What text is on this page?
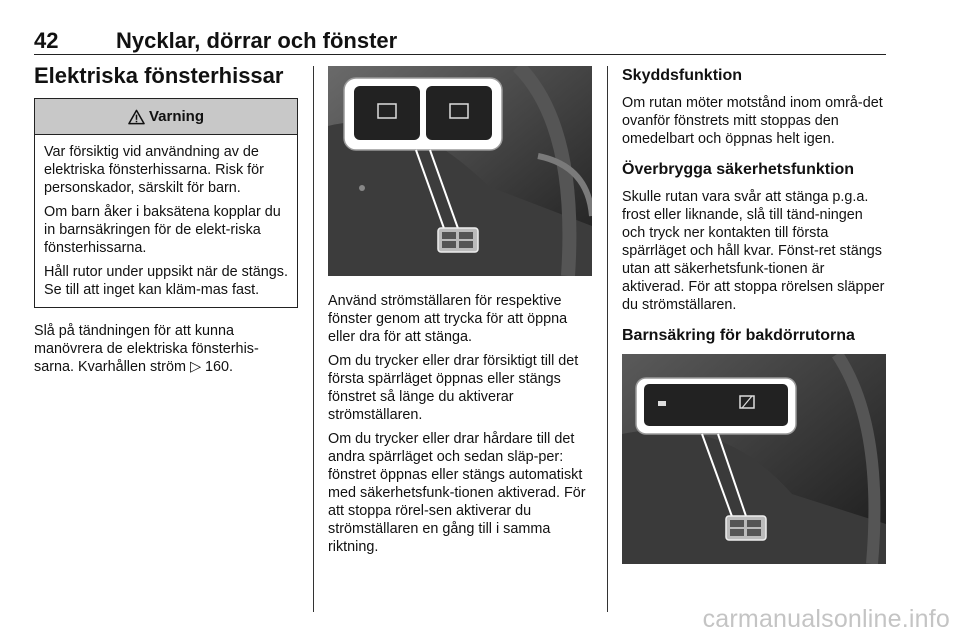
42	Nycklar, dörrar och fönster
Elektriska fönsterhissar
Varning

Var försiktig vid användning av de elektriska fönsterhissarna. Risk för personskador, särskilt för barn.

Om barn åker i baksätena kopplar du in barnsäkringen för de elekt-riska fönsterhissarna.

Håll rutor under uppsikt när de stängs. Se till att inget kan kläm-mas fast.

Slå på tändningen för att kunna manövrera de elektriska fönsterhis-sarna. Kvarhållen ström ▷ 160.

Använd strömställaren för respektive fönster genom att trycka för att öppna eller dra för att stänga.

Om du trycker eller drar försiktigt till det första spärrläget öppnas eller stängs fönstret så länge du aktiverar strömställaren.

Om du trycker eller drar hårdare till det andra spärrläget och sedan släp-per: fönstret öppnas eller stängs automatiskt med säkerhetsfunk-tionen aktiverad. För att stoppa rörel-sen aktiverar du strömställaren en gång till i samma riktning.

Skyddsfunktion

Om rutan möter motstånd inom områ-det ovanför fönstrets mitt stoppas den omedelbart och öppnas helt igen.

Överbrygga säkerhetsfunktion

Skulle rutan vara svår att stänga p.g.a. frost eller liknande, slå till tänd-ningen och tryck ner kontakten till första spärrläget och håll kvar. Fönst-ret stängs utan att säkerhetsfunk-tionen är aktiverad. För att stoppa rörelsen släpper du strömställaren.

Barnsäkring för bakdörrutorna
carmanualsonline.info
